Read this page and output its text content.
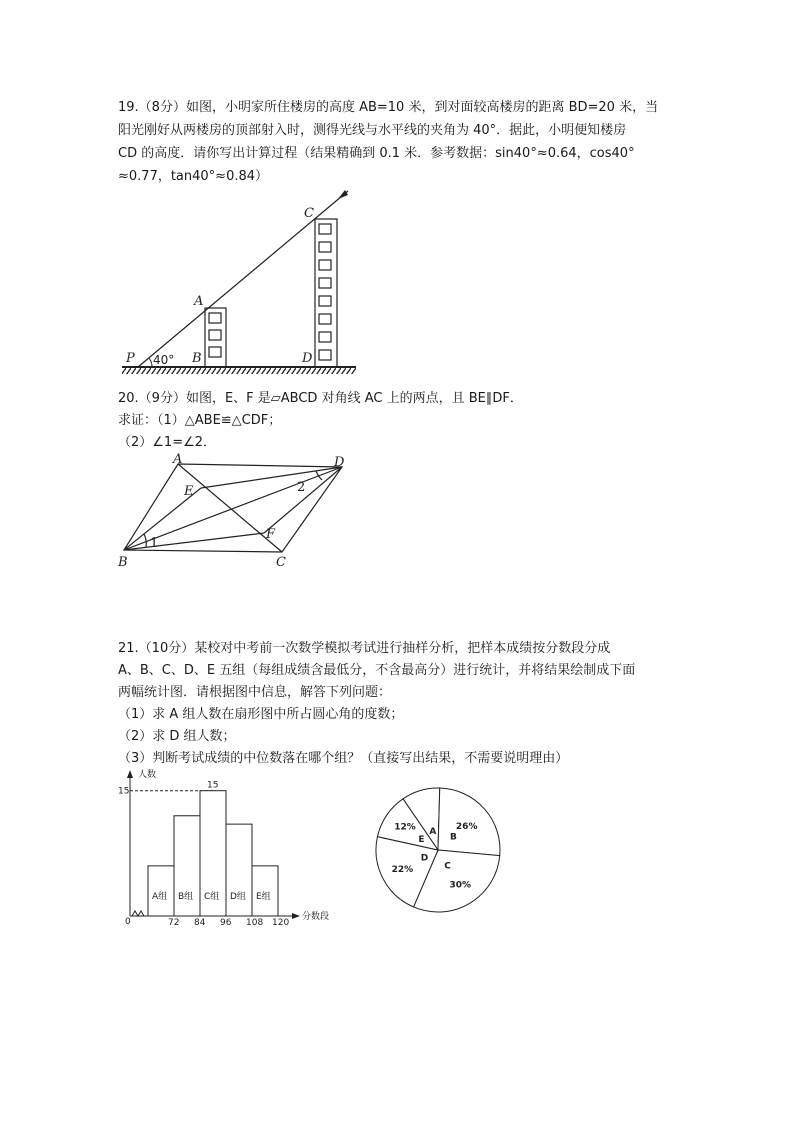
19.（8分）如图，小明家所住楼房的高度 AB=10 米，到对面较高楼房的距离 BD=20 米，当

阳光刚好从两楼房的顶部射入时，测得光线与水平线的夹角为 40°．据此，小明便知楼房

CD 的高度．请你写出计算过程（结果精确到 0.1 米．参考数据：sin40°≈0.64，cos40°

≈0.77，tan40°≈0.84）

P 40° B
A
C
D

20.（9分）如图，E、F 是▱ABCD 对角线 AC 上的两点，且 BE∥DF．

求证：（1）△ABE≌△CDF；

（2）∠1=∠2．

A	D
E
F
B	C
1
2

21.（10分）某校对中考前一次数学模拟考试进行抽样分析，把样本成绩按分数段分成

A、B、C、D、E 五组（每组成绩含最低分，不含最高分）进行统计，并将结果绘制成下面

两幅统计图．请根据图中信息，解答下列问题：

（1）求 A 组人数在扇形图中所占圆心角的度数；

（2）求 D 组人数；

（3）判断考试成绩的中位数落在哪个组？（直接写出结果，不需要说明理由）

人数
分数段
0
15
15
A组 B组 C组 D组 E组
72 84 96 108 120
A
B
26%
C
30%
D
22%
E
12%
